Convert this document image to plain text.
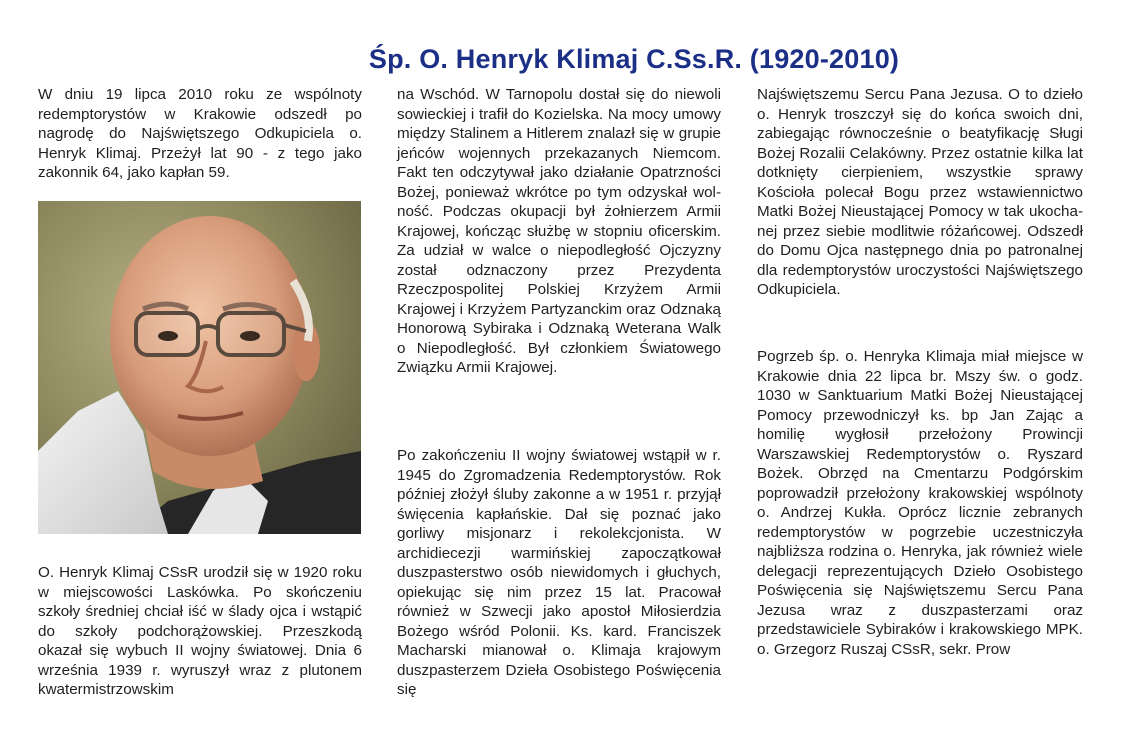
Śp. O. Henryk Klimaj C.Ss.R. (1920-2010)

W dniu 19 lipca 2010 roku ze wspólnoty redemptorystów w Krakowie odszedł po nagrodę do Najświętszego Odkupiciela o. Henryk Klimaj. Przeżył lat 90 - z tego jako zakonnik 64, jako kapłan 59.

O. Henryk Klimaj CSsR urodził się w 1920 roku w miejscowości Laskówka. Po skończeniu szkoły średniej chciał iść w ślady ojca i wstąpić do szkoły podchorążowskiej. Przeszkodą okazał się wybuch II wojny światowej. Dnia 6 września 1939 r. wyruszył wraz z plutonem kwatermistrzowskim

na Wschód. W Tarnopolu dostał się do niewoli sowieckiej i trafił do Kozielska. Na mocy umowy między Stalinem a Hitlerem znalazł się w grupie jeńców wojennych przekazanych Niemcom. Fakt ten odczytywał jako działanie Opatrzności Bożej, ponieważ wkrótce po tym odzyskał wolność. Podczas okupacji był żołnierzem Armii Krajowej, kończąc służbę w stopniu oficerskim. Za udział w walce o niepodległość Ojczyzny został odznaczony przez Prezydenta Rzeczpospolitej Polskiej Krzyżem Armii Krajowej i Krzyżem Partyzanckim oraz Odznaką Honorową Sybiraka i Odznaką Weterana Walk o Niepodległość. Był członkiem Światowego Związku Armii Krajowej.

Po zakończeniu II wojny światowej wstąpił w r. 1945 do Zgromadzenia Redemptorystów. Rok później złożył śluby zakonne a w 1951 r. przyjął święcenia kapłańskie. Dał się poznać jako gorliwy misjonarz i rekolekcjonista. W archidiecezji warmińskiej zapoczątkował duszpasterstwo osób niewidomych i głuchych, opiekując się nim przez 15 lat. Pracował również w Szwecji jako apostoł Miłosierdzia Bożego wśród Polonii. Ks. kard. Franciszek Macharski mianował o. Klimaja krajowym duszpasterzem Dzieła Osobistego Poświęcenia się

Najświętszemu Sercu Pana Jezusa. O to dzieło o. Henryk troszczył się do końca swoich dni, zabiegając równocześnie o beatyfikację Sługi Bożej Rozalii Celakówny. Przez ostatnie kilka lat dotknięty cierpieniem, wszystkie sprawy Kościoła polecał Bogu przez wstawiennictwo Matki Bożej Nieustającej Pomocy w tak ukochanej przez siebie modlitwie różańcowej. Odszedł do Domu Ojca następnego dnia po patronalnej dla redemptorystów uroczystości Najświętszego Odkupiciela.

Pogrzeb śp. o. Henryka Klimaja miał miejsce w Krakowie dnia 22 lipca br. Mszy św. o godz. 1030 w Sanktuarium Matki Bożej Nieustającej Pomocy przewodniczył ks. bp Jan Zając a homilię wygłosił przełożony Prowincji Warszawskiej Redemptorystów o. Ryszard Bożek. Obrzęd na Cmentarzu Podgórskim poprowadził przełożony krakowskiej wspólnoty o. Andrzej Kukła. Oprócz licznie zebranych redemptorystów w pogrzebie uczestniczyła najbliższa rodzina o. Henryka, jak również wiele delegacji reprezentujących Dzieło Osobistego Poświęcenia się Najświętszemu Sercu Pana Jezusa wraz z duszpasterzami oraz przedstawiciele Sybiraków i krakowskiego MPK. o. Grzegorz Ruszaj CSsR, sekr. Prow
